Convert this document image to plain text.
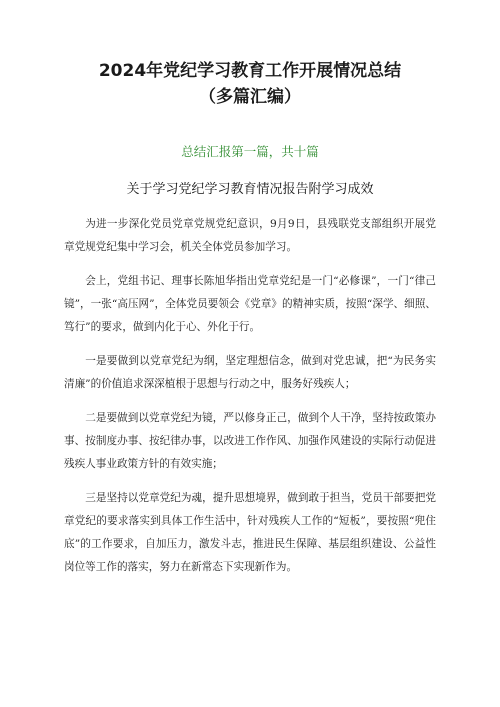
2024年党纪学习教育工作开展情况总结
（多篇汇编）
总结汇报第一篇，共十篇
关于学习党纪学习教育情况报告附学习成效

为进一步深化党员党章党规党纪意识，9月9日，县残联党支部组织开展党章党规党纪集中学习会，机关全体党员参加学习。

会上，党组书记、理事长陈旭华指出党章党纪是一门“必修课”，一门“律己镜”，一张“高压网”，全体党员要领会《党章》的精神实质，按照“深学、细照、笃行”的要求，做到内化于心、外化于行。

一是要做到以党章党纪为纲，坚定理想信念，做到对党忠诚，把“为民务实清廉”的价值追求深深植根于思想与行动之中，服务好残疾人；

二是要做到以党章党纪为镜，严以修身正己，做到个人干净，坚持按政策办事、按制度办事、按纪律办事，以改进工作作风、加强作风建设的实际行动促进残疾人事业政策方针的有效实施；

三是坚持以党章党纪为魂，提升思想境界，做到敢于担当，党员干部要把党章党纪的要求落实到具体工作生活中，针对残疾人工作的“短板”，要按照“兜住底”的工作要求，自加压力，激发斗志，推进民生保障、基层组织建设、公益性岗位等工作的落实，努力在新常态下实现新作为。
